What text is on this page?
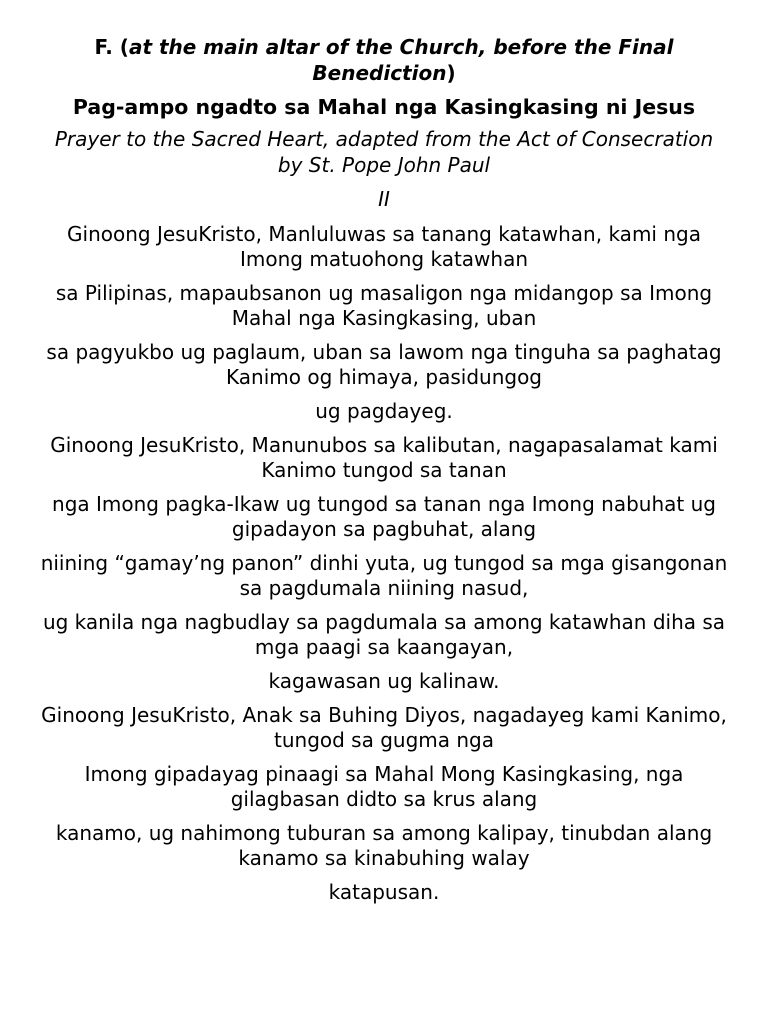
F. (at the main altar of the Church, before the Final Benediction)

Pag-ampo ngadto sa Mahal nga Kasingkasing ni Jesus

Prayer to the Sacred Heart, adapted from the Act of Consecration by St. Pope John Paul

II

Ginoong JesuKristo, Manluluwas sa tanang katawhan, kami nga Imong matuohong katawhan

sa Pilipinas, mapaubsanon ug masaligon nga midangop sa Imong Mahal nga Kasingkasing, uban

sa pagyukbo ug paglaum, uban sa lawom nga tinguha sa paghatag Kanimo og himaya, pasidungog

ug pagdayeg.

Ginoong JesuKristo, Manunubos sa kalibutan, nagapasalamat kami Kanimo tungod sa tanan

nga Imong pagka-Ikaw ug tungod sa tanan nga Imong nabuhat ug gipadayon sa pagbuhat, alang

niining “gamay’ng panon” dinhi yuta, ug tungod sa mga gisangonan sa pagdumala niining nasud,

ug kanila nga nagbudlay sa pagdumala sa among katawhan diha sa mga paagi sa kaangayan,

kagawasan ug kalinaw.

Ginoong JesuKristo, Anak sa Buhing Diyos, nagadayeg kami Kanimo, tungod sa gugma nga

Imong gipadayag pinaagi sa Mahal Mong Kasingkasing, nga gilagbasan didto sa krus alang

kanamo, ug nahimong tuburan sa among kalipay, tinubdan alang kanamo sa kinabuhing walay

katapusan.
